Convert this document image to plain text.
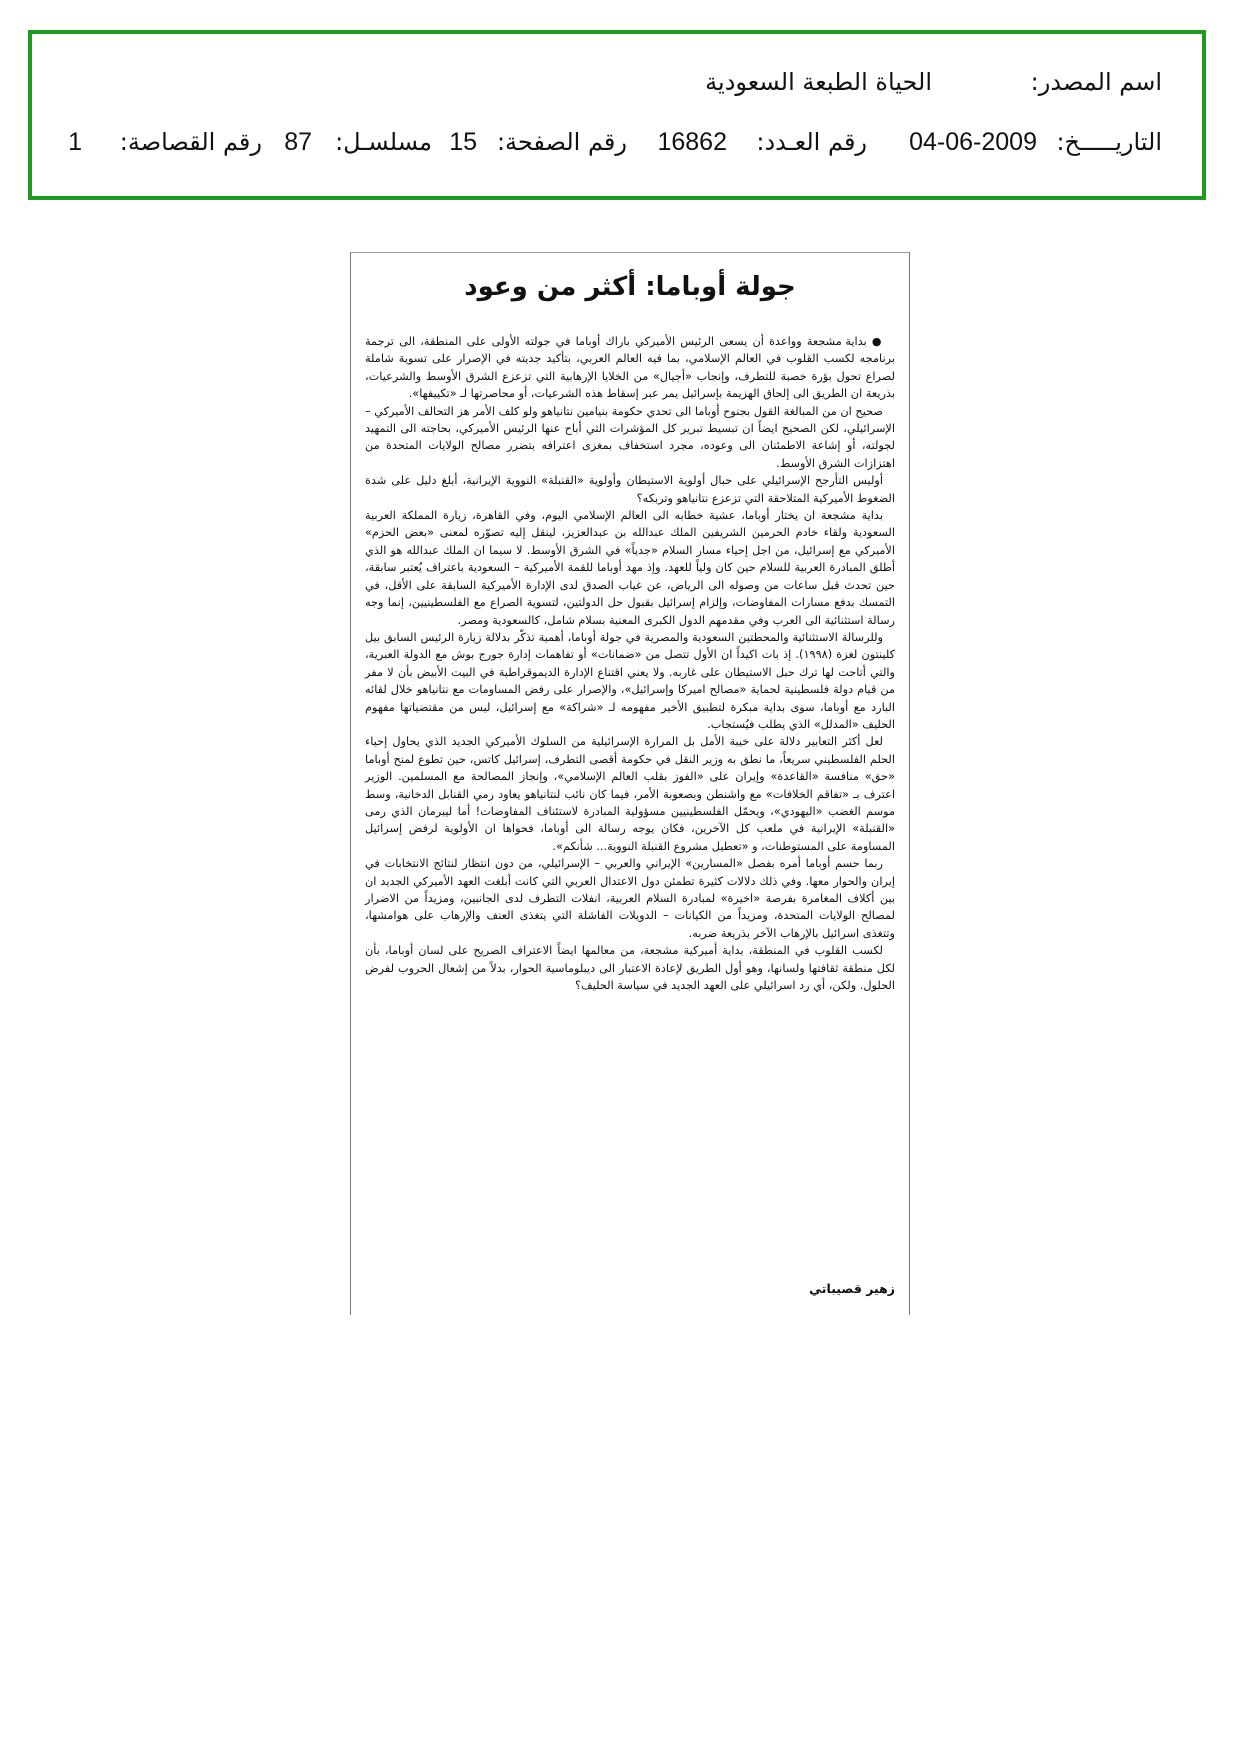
اسم المصدر:
الحياة الطبعة السعودية
التاريـــــخ:
04-06-2009
رقم العـدد:
16862
رقم الصفحة:
15
مسلسـل:
87
رقم القصاصة:
1
جولة أوباما: أكثر من وعود

● بداية مشجعة وواعدة أن يسعى الرئيس الأميركي باراك أوباما في جولته الأولى على المنطقة، الى ترجمة برنامجه لكسب القلوب في العالم الإسلامي، بما فيه العالم العربي، بتأكيد جديته في الإصرار على تسوية شاملة لصراع تحول بؤرة خصبة للتطرف، وإنجاب «أجيال» من الخلايا الإرهابية التي تزعزع الشرق الأوسط والشرعيات، بذريعة ان الطريق الى إلحاق الهزيمة بإسرائيل يمر عبر إسقاط هذه الشرعيات، أو محاصرتها لـ «تكييفها».

صحيح ان من المبالغة القول بجنوح أوباما الى تحدي حكومة بنيامين نتانياهو ولو كلف الأمر هز التحالف الأميركي – الإسرائيلي، لكن الصحيح ايضاً ان تبسيط تبرير كل المؤشرات التي أباح عنها الرئيس الأميركي، بحاجته الى التمهيد لجولته، أو إشاعة الاطمئنان الى وعوده، مجرد استخفاف بمغزى اعترافه بتضرر مصالح الولايات المتحدة من اهتزازات الشرق الأوسط.

أوليس التأرجح الإسرائيلي على حبال أولوية الاستيطان وأولوية «القنبلة» النووية الإيرانية، أبلغ دليل على شدة الضغوط الأميركية المتلاحقة التي تزعزع نتانياهو وتربكه؟

بداية مشجعة ان يختار أوباما، عشية خطابه الى العالم الإسلامي اليوم، وفي القاهرة، زيارة المملكة العربية السعودية ولقاء خادم الحرمين الشريفين الملك عبدالله بن عبدالعزيز، لينقل إليه تصوّره لمعنى «بعض الحزم» الأميركي مع إسرائيل، من اجل إحياء مسار السلام «جدياً» في الشرق الأوسط. لا سيما ان الملك عبدالله هو الذي أطلق المبادرة العربية للسلام حين كان ولياً للعهد. وإذ مهد أوباما للقمة الأميركية – السعودية باعتراف يُعتبر سابقة، حين تحدث قبل ساعات من وصوله الى الرياض، عن غياب الصدق لدى الإدارة الأميركية السابقة على الأقل، في التمسك بدفع مسارات المفاوضات، وإلزام إسرائيل بقبول حل الدولتين، لتسوية الصراع مع الفلسطينيين، إنما وجه رسالة استثنائية الى العرب وفي مقدمهم الدول الكبرى المعنية بسلام شامل، كالسعودية ومصر.

وللرسالة الاستثنائية والمحطتين السعودية والمصرية في جولة أوباما، أهمية تذكّر بدلالة زيارة الرئيس السابق بيل كلينتون لغزة (١٩٩٨). إذ بات اكيداً ان الأول تتصل من «ضمانات» أو تفاهمات إدارة جورج بوش مع الدولة العبرية، والتي أتاحت لها ترك حبل الاستيطان على غاربه. ولا يعني اقتناع الإدارة الديموقراطية في البيت الأبيض بأن لا مفر من قيام دولة فلسطينية لحماية «مصالح اميركا وإسرائيل»، والإصرار على رفض المساومات مع نتانياهو خلال لقائه البارد مع أوباما، سوى بداية مبكرة لتطبيق الأخير مفهومه لـ «شراكة» مع إسرائيل، ليس من مقتضياتها مفهوم الحليف «المدلل» الذي يطلب فيُستجاب.

لعل أكثر التعابير دلالة على خيبة الأمل بل المرارة الإسرائيلية من السلوك الأميركي الجديد الذي يحاول إحياء الحلم الفلسطيني سريعاً، ما نطق به وزير النقل في حكومة أقصى التطرف، إسرائيل كاتس، حين تطوع لمنح أوباما «حق» منافسة «القاعدة» وإيران على «الفوز بقلب العالم الإسلامي»، وإنجاز المصالحة مع المسلمين. الوزير اعترف بـ «تفاقم الخلافات» مع واشنطن وبصعوبة الأمر، فيما كان نائب لنتانياهو يعاود رمي القنابل الدخانية، وسط موسم الغضب «اليهودي»، ويحمّل الفلسطينيين مسؤولية المبادرة لاستئناف المفاوضات! أما ليبرمان الذي رمى «القنبلة» الإيرانية في ملعب كل الآخرين، فكان يوجه رسالة الى أوباما، فحواها ان الأولوية لرفض إسرائيل المساومة على المستوطنات، و «تعطيل مشروع القنبلة النووية... شأنكم».

ربما حسم أوباما أمره بفصل «المسارين» الإيراني والعربي – الإسرائيلي، من دون انتظار لنتائج الانتخابات في إيران والحوار معها. وفي ذلك دلالات كثيرة تطمئن دول الاعتدال العربي التي كانت أبلغت العهد الأميركي الجديد ان بين أكلاف المغامرة بفرصة «اخيرة» لمبادرة السلام العربية، انفلات التطرف لدى الجانبين، ومزيداً من الاضرار لمصالح الولايات المتحدة، ومزيداً من الكيانات – الدويلات الفاشلة التي يتغذى العنف والإرهاب على هوامشها، وتتغذى اسرائيل بالإرهاب الآخر بذريعة ضربه.

لكسب القلوب في المنطقة، بداية أميركية مشجعة، من معالمها ايضاً الاعتراف الصريح على لسان أوباما، بأن لكل منطقة ثقافتها ولسانها، وهو أول الطريق لإعادة الاعتبار الى ديبلوماسية الحوار، بدلاً من إشعال الحروب لفرض الحلول. ولكن، أي رد اسرائيلي على العهد الجديد في سياسة الحليف؟

زهير قصيباتي
